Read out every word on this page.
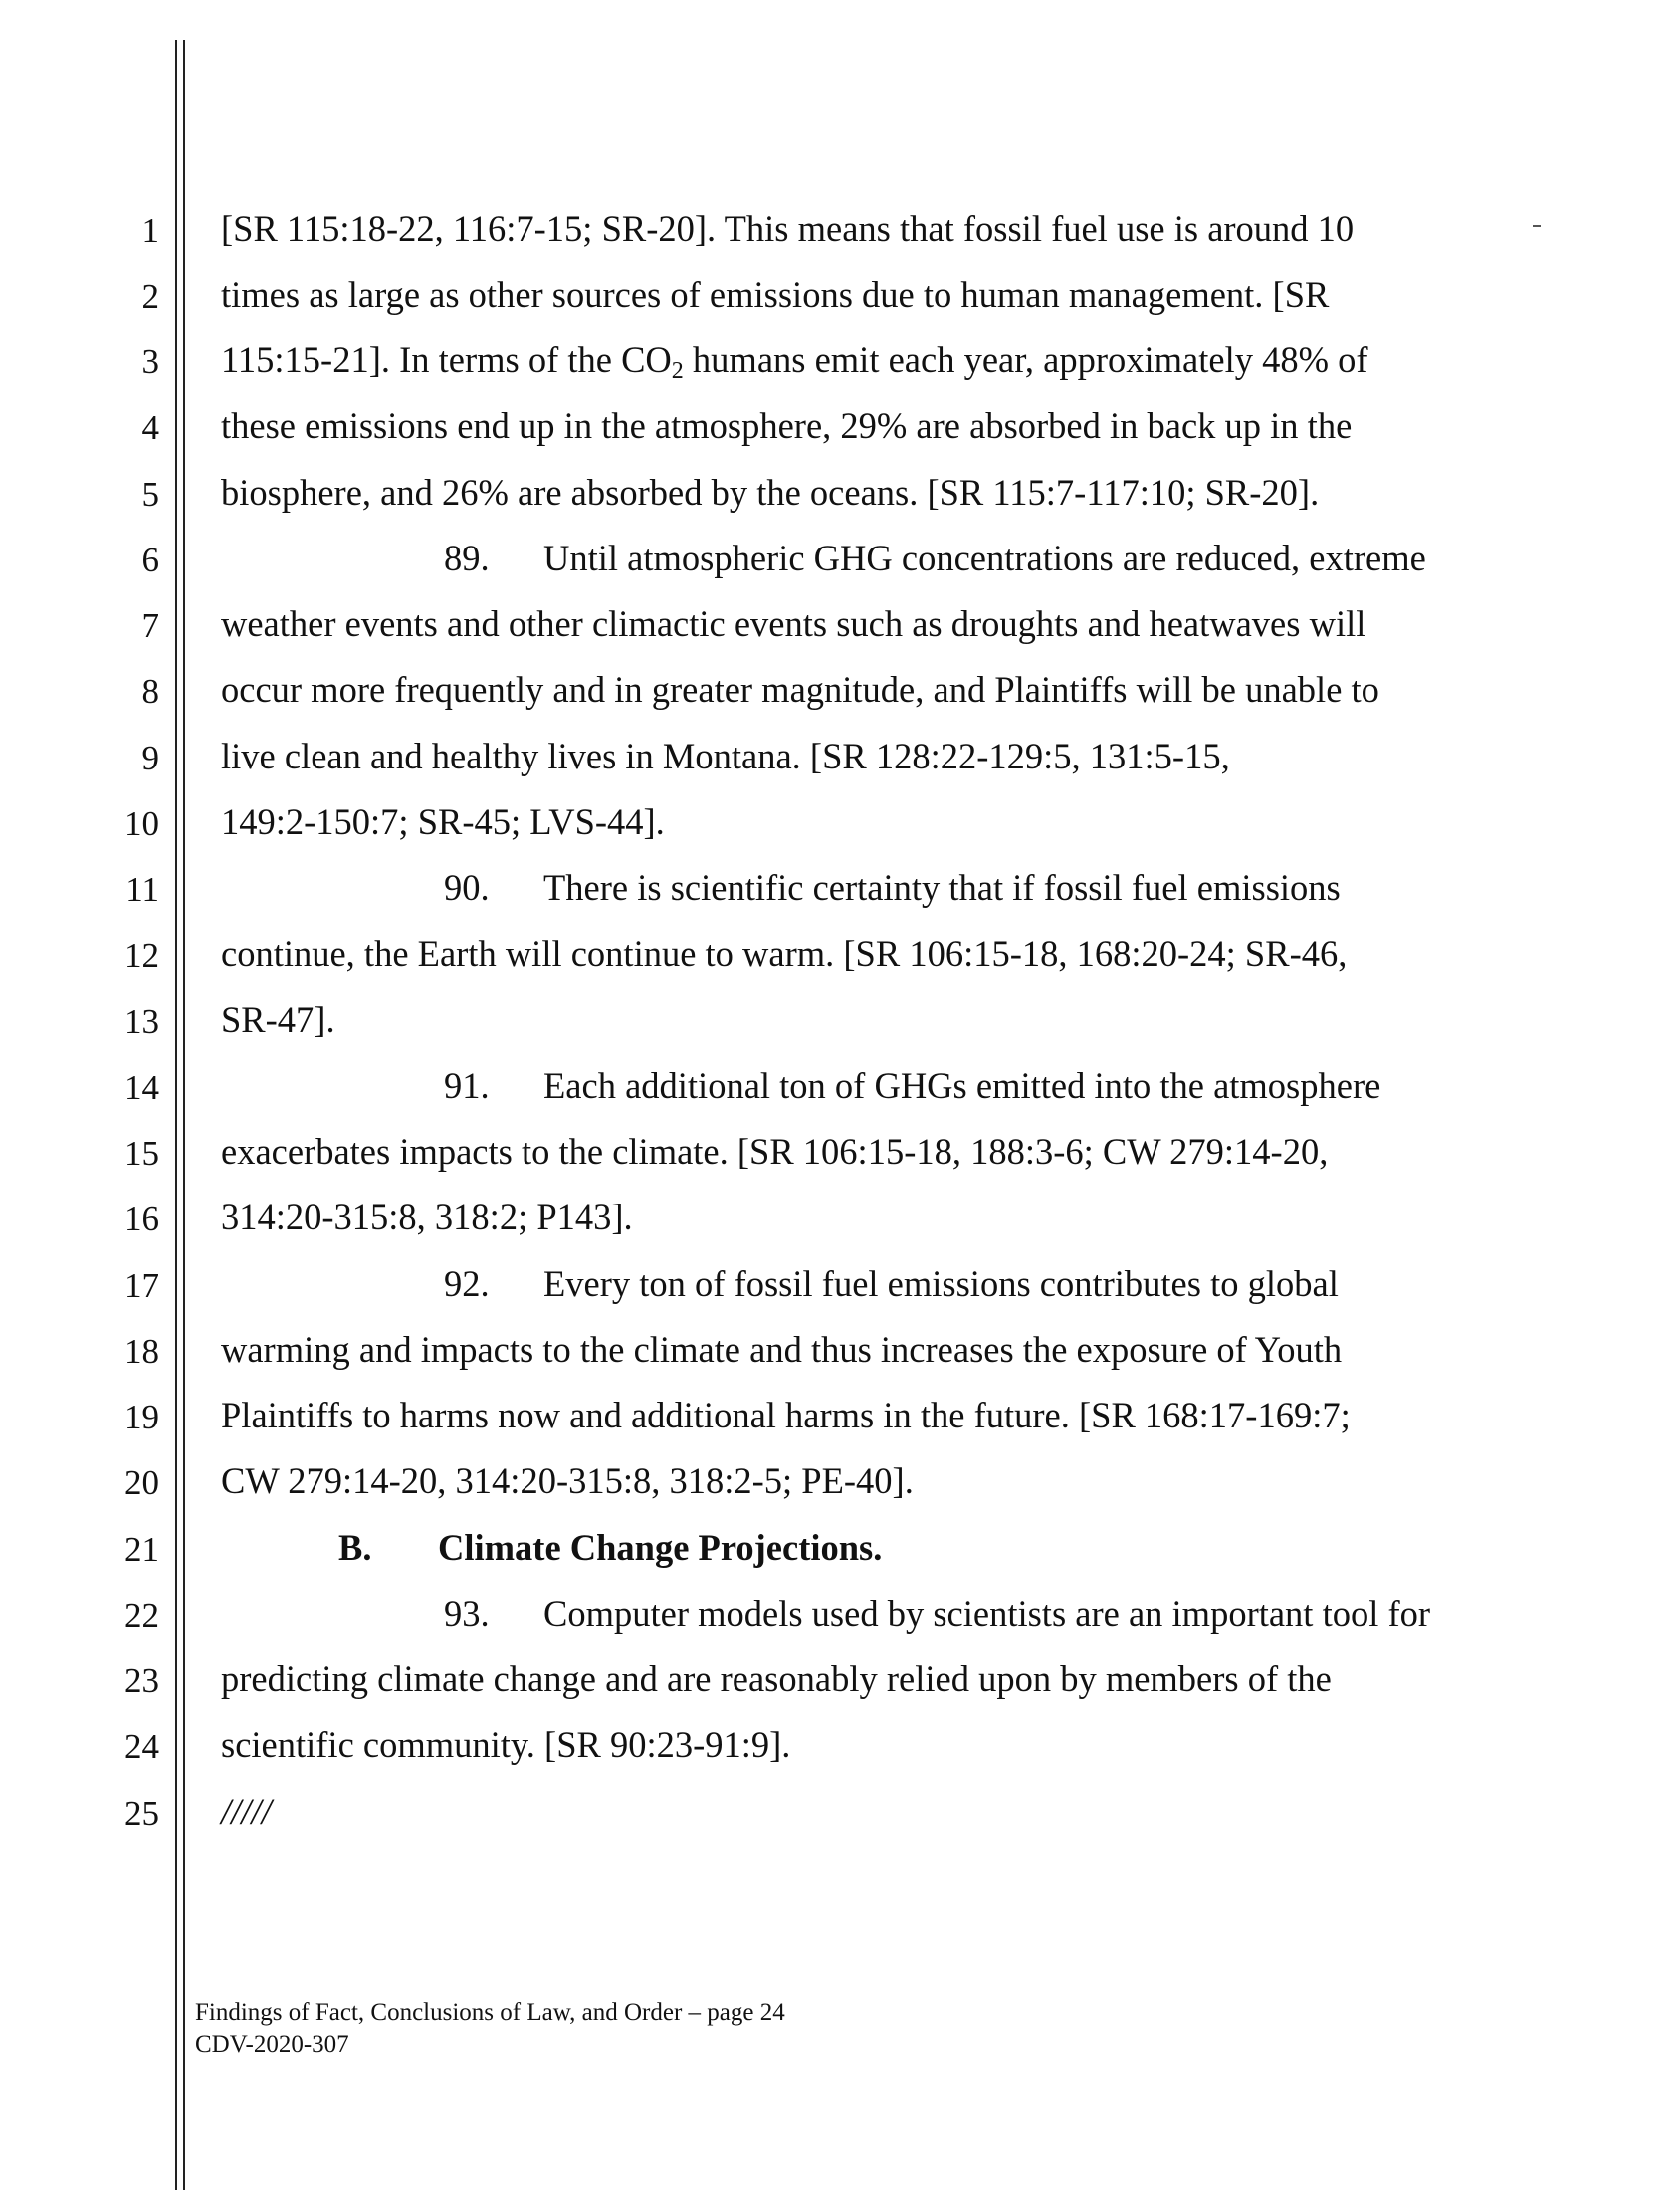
1
2
3
4
5
6
7
8
9
10
11
12
13
14
15
16
17
18
19
20
21
22
23
24
25
[SR 115:18-22, 116:7-15; SR-20]. This means that fossil fuel use is around 10
times as large as other sources of emissions due to human management. [SR
115:15-21]. In terms of the $CO_2$ humans emit each year, approximately 48% of
these emissions end up in the atmosphere, 29% are absorbed in back up in the
biosphere, and 26% are absorbed by the oceans. [SR 115:7-117:10; SR-20].
89. Until atmospheric GHG concentrations are reduced, extreme
weather events and other climactic events such as droughts and heatwaves will
occur more frequently and in greater magnitude, and Plaintiffs will be unable to
live clean and healthy lives in Montana. [SR 128:22-129:5, 131:5-15,
149:2-150:7; SR-45; LVS-44].
90. There is scientific certainty that if fossil fuel emissions
continue, the Earth will continue to warm. [SR 106:15-18, 168:20-24; SR-46,
SR-47].
91. Each additional ton of GHGs emitted into the atmosphere
exacerbates impacts to the climate. [SR 106:15-18, 188:3-6; CW 279:14-20,
314:20-315:8, 318:2; P143].
92. Every ton of fossil fuel emissions contributes to global
warming and impacts to the climate and thus increases the exposure of Youth
Plaintiffs to harms now and additional harms in the future. [SR 168:17-169:7;
CW 279:14-20, 314:20-315:8, 318:2-5; PE-40].
B. Climate Change Projections.
93. Computer models used by scientists are an important tool for
predicting climate change and are reasonably relied upon by members of the
scientific community. [SR 90:23-91:9].
/////
Findings of Fact, Conclusions of Law, and Order – page 24
CDV-2020-307
